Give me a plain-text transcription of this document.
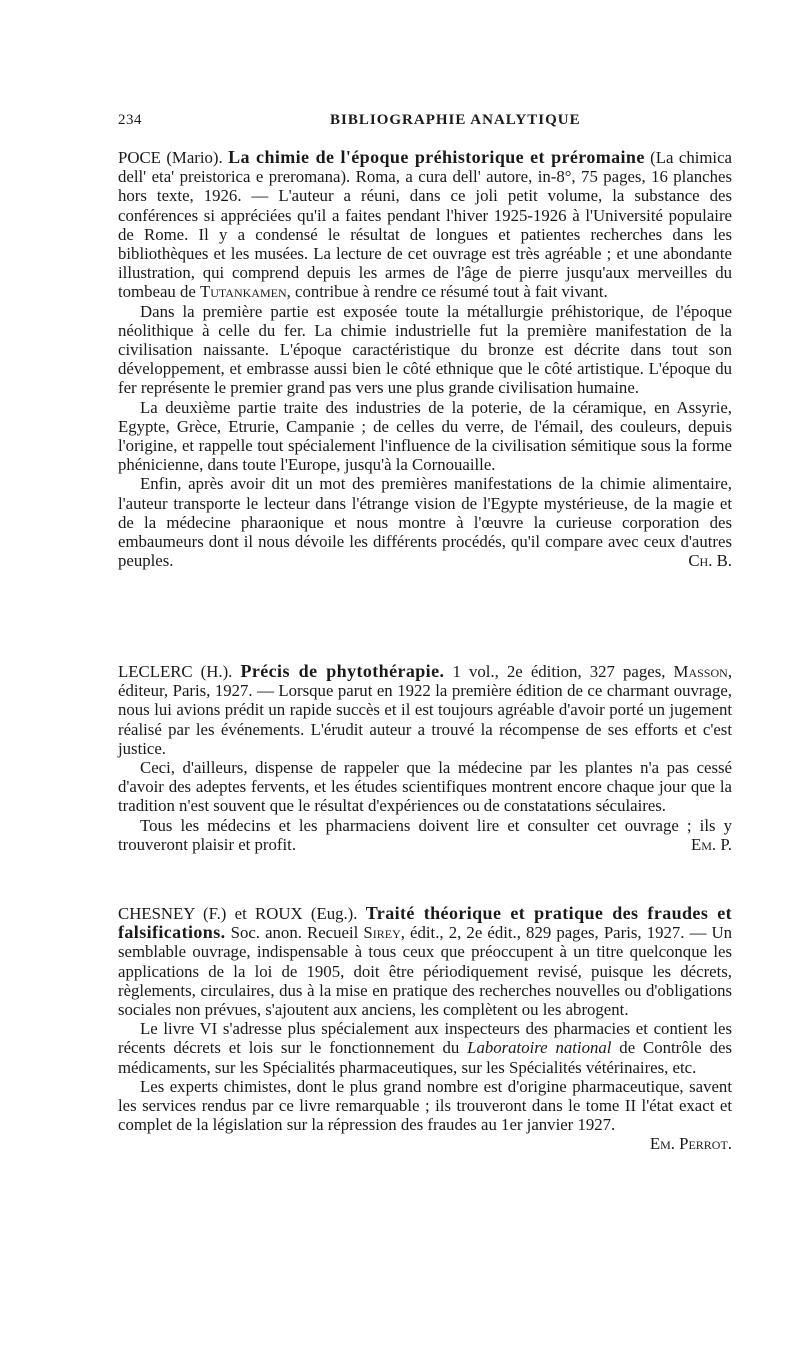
234	BIBLIOGRAPHIE ANALYTIQUE

POCE (Mario). La chimie de l'époque préhistorique et préromaine (La chimica dell' eta' preistorica e preromana). Roma, a cura dell' autore, in-8°, 75 pages, 16 planches hors texte, 1926. — L'auteur a réuni, dans ce joli petit volume, la substance des conférences si appréciées qu'il a faites pendant l'hiver 1925-1926 à l'Université populaire de Rome. Il y a condensé le résultat de longues et patientes recherches dans les bibliothèques et les musées. La lecture de cet ouvrage est très agréable ; et une abondante illustration, qui comprend depuis les armes de l'âge de pierre jusqu'aux merveilles du tombeau de Tutankamen, contribue à rendre ce résumé tout à fait vivant.

Dans la première partie est exposée toute la métallurgie préhistorique, de l'époque néolithique à celle du fer. La chimie industrielle fut la première manifestation de la civilisation naissante. L'époque caractéristique du bronze est décrite dans tout son développement, et embrasse aussi bien le côté ethnique que le côté artistique. L'époque du fer représente le premier grand pas vers une plus grande civilisation humaine.

La deuxième partie traite des industries de la poterie, de la céramique, en Assyrie, Egypte, Grèce, Etrurie, Campanie ; de celles du verre, de l'émail, des couleurs, depuis l'origine, et rappelle tout spécialement l'influence de la civilisation sémitique sous la forme phénicienne, dans toute l'Europe, jusqu'à la Cornouaille.

Enfin, après avoir dit un mot des premières manifestations de la chimie alimentaire, l'auteur transporte le lecteur dans l'étrange vision de l'Egypte mystérieuse, de la magie et de la médecine pharaonique et nous montre à l'œuvre la curieuse corporation des embaumeurs dont il nous dévoile les différents procédés, qu'il compare avec ceux d'autres peuples.	Ch. B.

LECLERC (H.). Précis de phytothérapie. 1 vol., 2e édition, 327 pages, Masson, éditeur, Paris, 1927. — Lorsque parut en 1922 la première édition de ce charmant ouvrage, nous lui avions prédit un rapide succès et il est toujours agréable d'avoir porté un jugement réalisé par les événements. L'érudit auteur a trouvé la récompense de ses efforts et c'est justice.

Ceci, d'ailleurs, dispense de rappeler que la médecine par les plantes n'a pas cessé d'avoir des adeptes fervents, et les études scientifiques montrent encore chaque jour que la tradition n'est souvent que le résultat d'expériences ou de constatations séculaires.

Tous les médecins et les pharmaciens doivent lire et consulter cet ouvrage ; ils y trouveront plaisir et profit.	Em. P.

CHESNEY (F.) et ROUX (Eug.). Traité théorique et pratique des fraudes et falsifications. Soc. anon. Recueil Sirey, édit., 2, 2e édit., 829 pages, Paris, 1927. — Un semblable ouvrage, indispensable à tous ceux que préoccupent à un titre quelconque les applications de la loi de 1905, doit être périodiquement revisé, puisque les décrets, règlements, circulaires, dus à la mise en pratique des recherches nouvelles ou d'obligations sociales non prévues, s'ajoutent aux anciens, les complètent ou les abrogent.

Le livre VI s'adresse plus spécialement aux inspecteurs des pharmacies et contient les récents décrets et lois sur le fonctionnement du Laboratoire national de Contrôle des médicaments, sur les Spécialités pharmaceutiques, sur les Spécialités vétérinaires, etc.

Les experts chimistes, dont le plus grand nombre est d'origine pharmaceutique, savent les services rendus par ce livre remarquable ; ils trouveront dans le tome II l'état exact et complet de la législation sur la répression des fraudes au 1er janvier 1927.
Em. Perrot.
